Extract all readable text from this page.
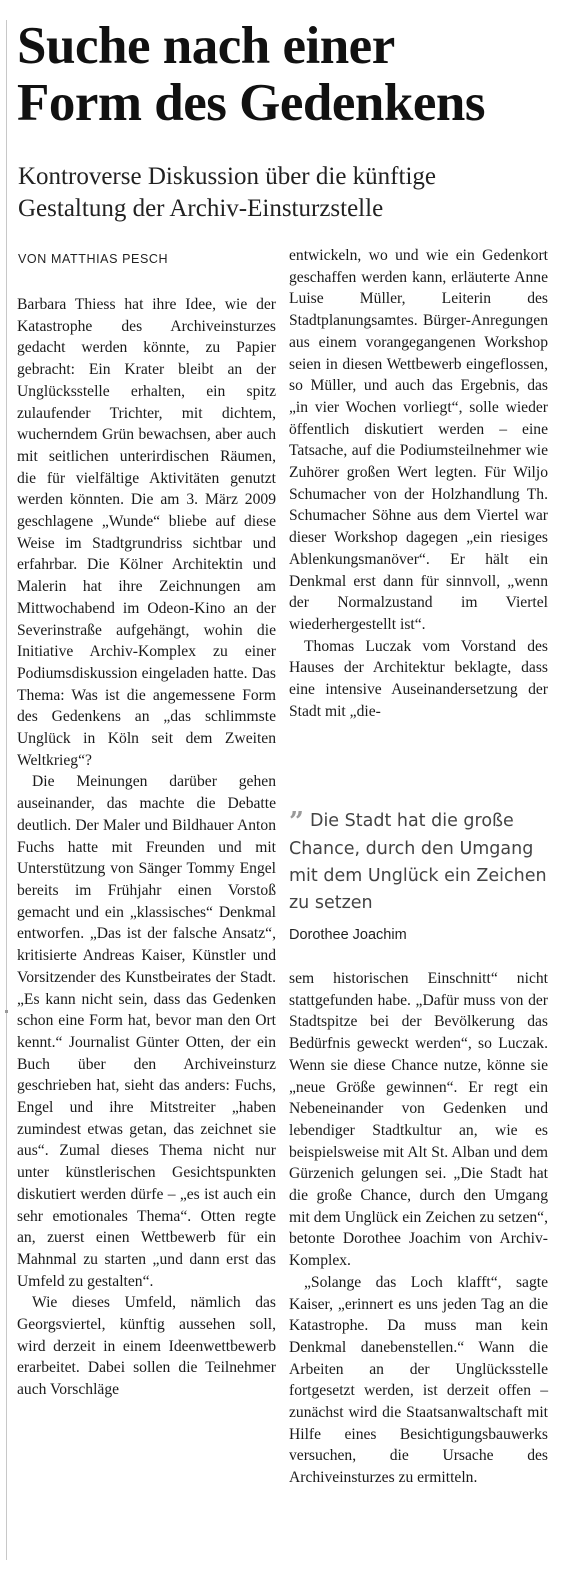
Suche nach einer
Form des Gedenkens
Kontroverse Diskussion über die künftige
Gestaltung der Archiv-Einsturzstelle
VON MATTHIAS PESCH

Barbara Thiess hat ihre Idee, wie der Katastrophe des Archiveinsturzes gedacht werden könnte, zu Papier gebracht: Ein Krater bleibt an der Unglücksstelle erhalten, ein spitz zulaufender Trichter, mit dichtem, wucherndem Grün bewachsen, aber auch mit seitlichen unterirdischen Räumen, die für vielfältige Aktivitäten genutzt werden könnten. Die am 3. März 2009 geschlagene „Wunde“ bliebe auf diese Weise im Stadtgrundriss sichtbar und erfahrbar. Die Kölner Architektin und Malerin hat ihre Zeichnungen am Mittwochabend im Odeon-Kino an der Severinstraße aufgehängt, wohin die Initiative Archiv-Komplex zu einer Podiumsdiskussion eingeladen hatte. Das Thema: Was ist die angemessene Form des Gedenkens an „das schlimmste Unglück in Köln seit dem Zweiten Weltkrieg“?

Die Meinungen darüber gehen auseinander, das machte die Debatte deutlich. Der Maler und Bildhauer Anton Fuchs hatte mit Freunden und mit Unterstützung von Sänger Tommy Engel bereits im Frühjahr einen Vorstoß gemacht und ein „klassisches“ Denkmal entworfen. „Das ist der falsche Ansatz“, kritisierte Andreas Kaiser, Künstler und Vorsitzender des Kunstbeirates der Stadt. „Es kann nicht sein, dass das Gedenken schon eine Form hat, bevor man den Ort kennt.“ Journalist Günter Otten, der ein Buch über den Archiveinsturz geschrieben hat, sieht das anders: Fuchs, Engel und ihre Mitstreiter „haben zumindest etwas getan, das zeichnet sie aus“. Zumal dieses Thema nicht nur unter künstlerischen Gesichtspunkten diskutiert werden dürfe – „es ist auch ein sehr emotionales Thema“. Otten regte an, zuerst einen Wettbewerb für ein Mahnmal zu starten „und dann erst das Umfeld zu gestalten“.

Wie dieses Umfeld, nämlich das Georgsviertel, künftig aussehen soll, wird derzeit in einem Ideenwettbewerb erarbeitet. Dabei sollen die Teilnehmer auch Vorschläge

entwickeln, wo und wie ein Gedenkort geschaffen werden kann, erläuterte Anne Luise Müller, Leiterin des Stadtplanungsamtes. Bürger-Anregungen aus einem vorangegangenen Workshop seien in diesen Wettbewerb eingeflossen, so Müller, und auch das Ergebnis, das „in vier Wochen vorliegt“, solle wieder öffentlich diskutiert werden – eine Tatsache, auf die Podiumsteilnehmer wie Zuhörer großen Wert legten. Für Wiljo Schumacher von der Holzhandlung Th. Schumacher Söhne aus dem Viertel war dieser Workshop dagegen „ein riesiges Ablenkungsmanöver“. Er hält ein Denkmal erst dann für sinnvoll, „wenn der Normalzustand im Viertel wiederhergestellt ist“.

Thomas Luczak vom Vorstand des Hauses der Architektur beklagte, dass eine intensive Auseinandersetzung der Stadt mit „die-

” Die Stadt hat die große Chance, durch den Umgang mit dem Unglück ein Zeichen zu setzen
Dorothee Joachim

sem historischen Einschnitt“ nicht stattgefunden habe. „Dafür muss von der Stadtspitze bei der Bevölkerung das Bedürfnis geweckt werden“, so Luczak. Wenn sie diese Chance nutze, könne sie „neue Größe gewinnen“. Er regt ein Nebeneinander von Gedenken und lebendiger Stadtkultur an, wie es beispielsweise mit Alt St. Alban und dem Gürzenich gelungen sei. „Die Stadt hat die große Chance, durch den Umgang mit dem Unglück ein Zeichen zu setzen“, betonte Dorothee Joachim von Archiv-Komplex.

„Solange das Loch klafft“, sagte Kaiser, „erinnert es uns jeden Tag an die Katastrophe. Da muss man kein Denkmal danebenstellen.“ Wann die Arbeiten an der Unglücksstelle fortgesetzt werden, ist derzeit offen – zunächst wird die Staatsanwaltschaft mit Hilfe eines Besichtigungsbauwerks versuchen, die Ursache des Archiveinsturzes zu ermitteln.
